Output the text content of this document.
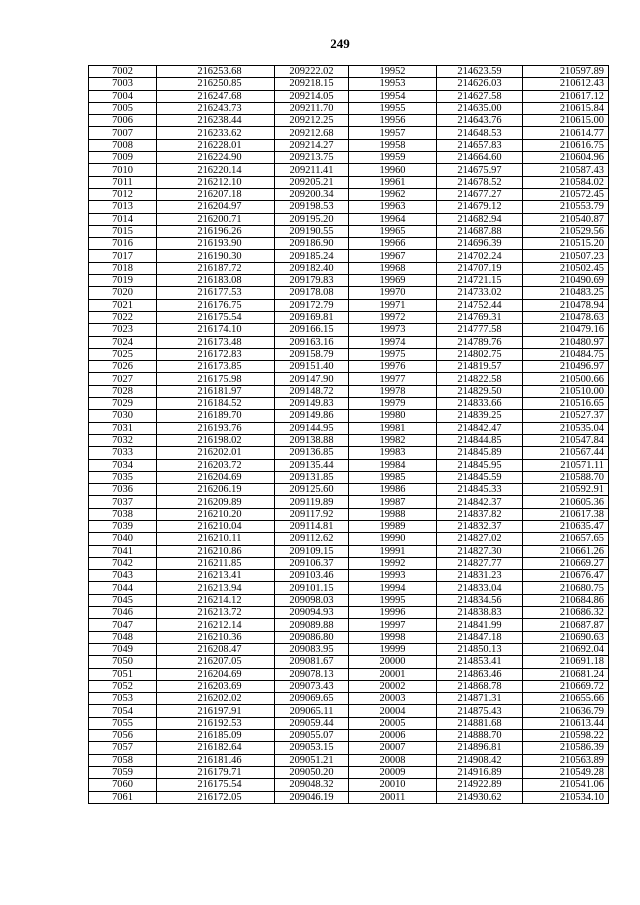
249
7002	216253.68	209222.02	19952	214623.59	210597.89
7003	216250.85	209218.15	19953	214626.03	210612.43
7004	216247.68	209214.05	19954	214627.58	210617.12
7005	216243.73	209211.70	19955	214635.00	210615.84
7006	216238.44	209212.25	19956	214643.76	210615.00
7007	216233.62	209212.68	19957	214648.53	210614.77
7008	216228.01	209214.27	19958	214657.83	210616.75
7009	216224.90	209213.75	19959	214664.60	210604.96
7010	216220.14	209211.41	19960	214675.97	210587.43
7011	216212.10	209205.21	19961	214678.52	210584.02
7012	216207.18	209200.34	19962	214677.27	210572.45
7013	216204.97	209198.53	19963	214679.12	210553.79
7014	216200.71	209195.20	19964	214682.94	210540.87
7015	216196.26	209190.55	19965	214687.88	210529.56
7016	216193.90	209186.90	19966	214696.39	210515.20
7017	216190.30	209185.24	19967	214702.24	210507.23
7018	216187.72	209182.40	19968	214707.19	210502.45
7019	216183.08	209179.83	19969	214721.15	210490.69
7020	216177.53	209178.08	19970	214733.02	210483.25
7021	216176.75	209172.79	19971	214752.44	210478.94
7022	216175.54	209169.81	19972	214769.31	210478.63
7023	216174.10	209166.15	19973	214777.58	210479.16
7024	216173.48	209163.16	19974	214789.76	210480.97
7025	216172.83	209158.79	19975	214802.75	210484.75
7026	216173.85	209151.40	19976	214819.57	210496.97
7027	216175.98	209147.90	19977	214822.58	210500.66
7028	216181.97	209148.72	19978	214829.50	210510.00
7029	216184.52	209149.83	19979	214833.66	210516.65
7030	216189.70	209149.86	19980	214839.25	210527.37
7031	216193.76	209144.95	19981	214842.47	210535.04
7032	216198.02	209138.88	19982	214844.85	210547.84
7033	216202.01	209136.85	19983	214845.89	210567.44
7034	216203.72	209135.44	19984	214845.95	210571.11
7035	216204.69	209131.85	19985	214845.59	210588.70
7036	216206.19	209125.60	19986	214845.33	210592.91
7037	216209.89	209119.89	19987	214842.37	210605.36
7038	216210.20	209117.92	19988	214837.82	210617.38
7039	216210.04	209114.81	19989	214832.37	210635.47
7040	216210.11	209112.62	19990	214827.02	210657.65
7041	216210.86	209109.15	19991	214827.30	210661.26
7042	216211.85	209106.37	19992	214827.77	210669.27
7043	216213.41	209103.46	19993	214831.23	210676.47
7044	216213.94	209101.15	19994	214833.04	210680.75
7045	216214.12	209098.03	19995	214834.56	210684.86
7046	216213.72	209094.93	19996	214838.83	210686.32
7047	216212.14	209089.88	19997	214841.99	210687.87
7048	216210.36	209086.80	19998	214847.18	210690.63
7049	216208.47	209083.95	19999	214850.13	210692.04
7050	216207.05	209081.67	20000	214853.41	210691.18
7051	216204.69	209078.13	20001	214863.46	210681.24
7052	216203.69	209073.43	20002	214868.78	210669.72
7053	216202.02	209069.65	20003	214871.31	210655.66
7054	216197.91	209065.11	20004	214875.43	210636.79
7055	216192.53	209059.44	20005	214881.68	210613.44
7056	216185.09	209055.07	20006	214888.70	210598.22
7057	216182.64	209053.15	20007	214896.81	210586.39
7058	216181.46	209051.21	20008	214908.42	210563.89
7059	216179.71	209050.20	20009	214916.89	210549.28
7060	216175.54	209048.32	20010	214922.89	210541.06
7061	216172.05	209046.19	20011	214930.62	210534.10
